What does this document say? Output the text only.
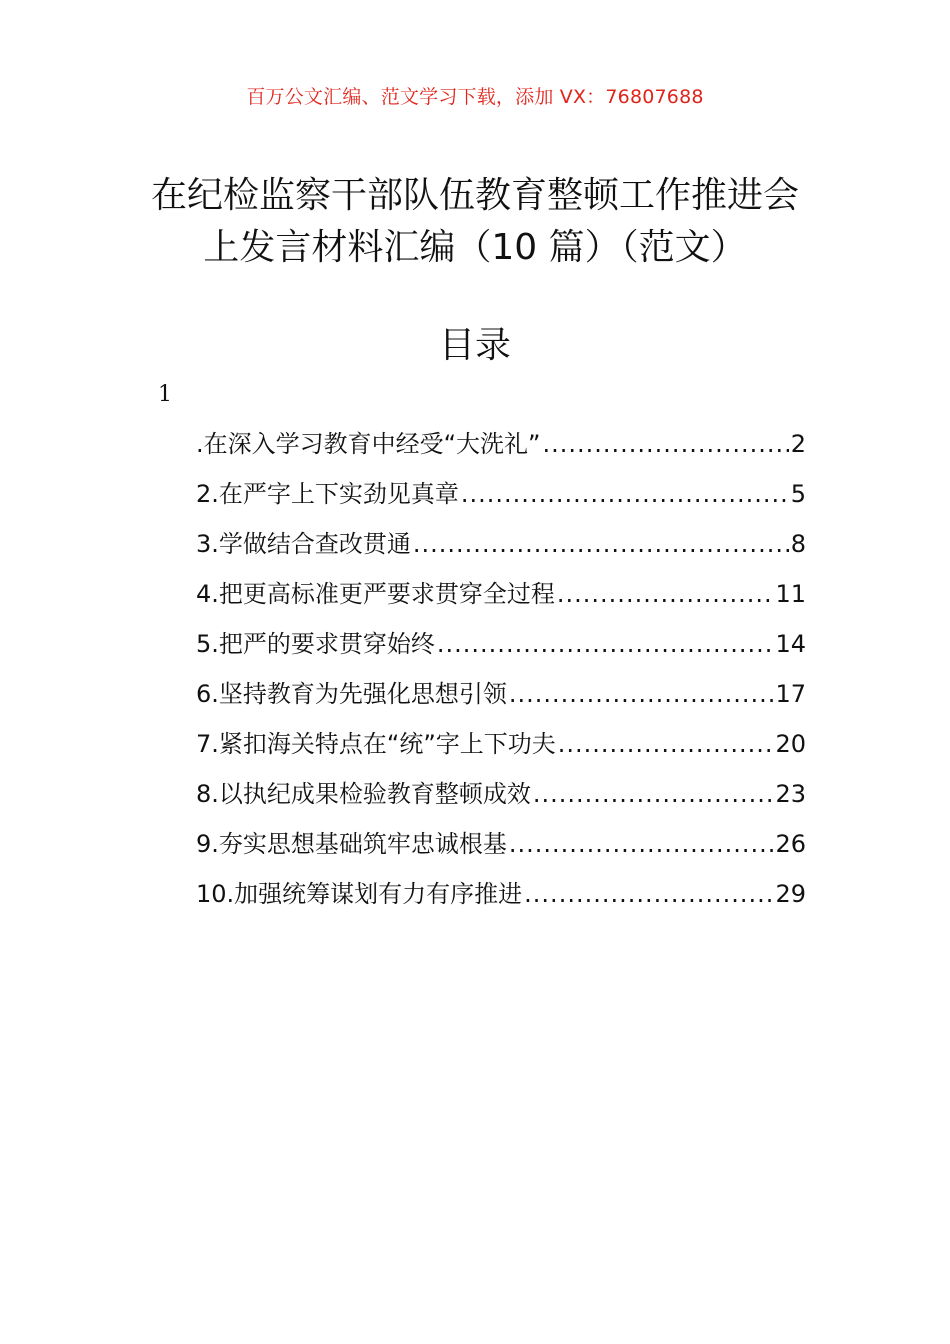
百万公文汇编、范文学习下载，添加 VX：76807688
在纪检监察干部队伍教育整顿工作推进会
上发言材料汇编（10 篇）（范文）
目录
1
.在深入学习教育中经受“大洗礼” .....	2
2.在严字上下实劲见真章 .....	5
3.学做结合查改贯通 .....	8
4.把更高标准更严要求贯穿全过程 .....	11
5.把严的要求贯穿始终 .....	14
6.坚持教育为先强化思想引领 .....	17
7.紧扣海关特点在“统”字上下功夫 .....	20
8.以执纪成果检验教育整顿成效 .....	23
9.夯实思想基础筑牢忠诚根基 .....	26
10.加强统筹谋划有力有序推进 .....	29
